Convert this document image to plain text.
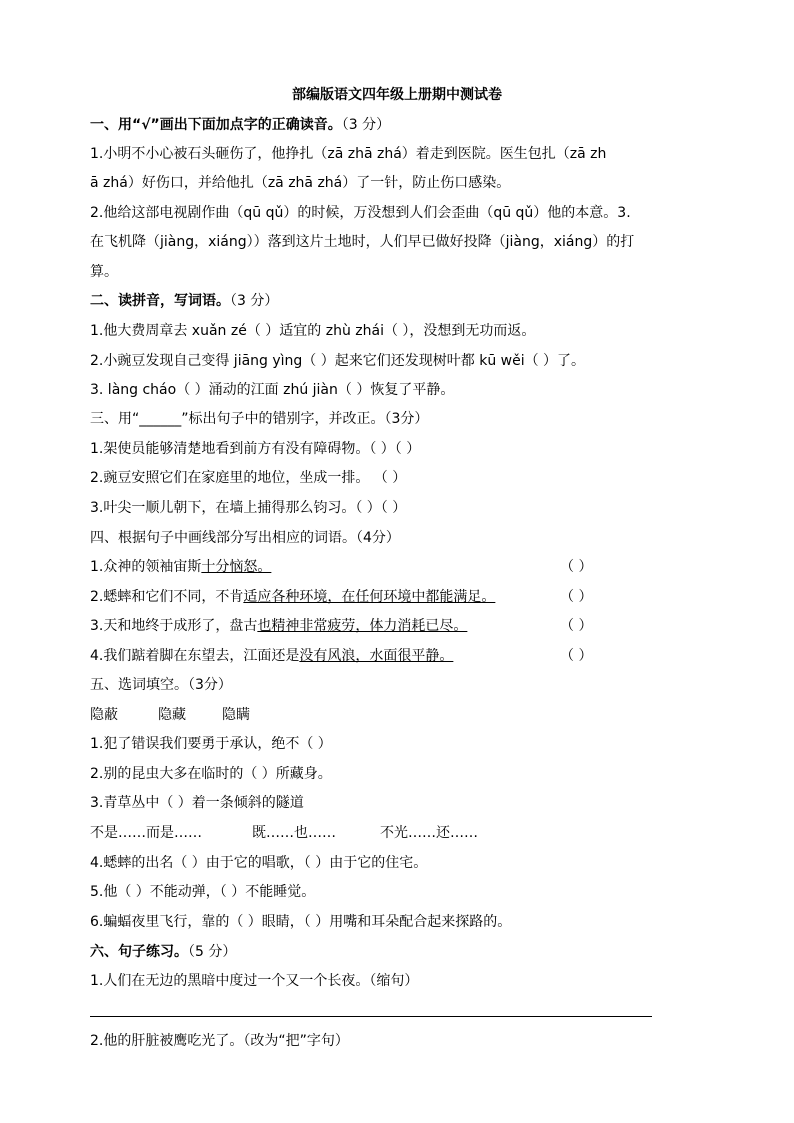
部编版语文四年级上册期中测试卷
一、用“√”画出下面加点字的正确读音。（3 分）
1.小明不小心被石头砸伤了，他挣扎（zā zhā zhá）着走到医院。医生包扎（zā zh
ā zhá）好伤口，并给他扎（zā zhā zhá）了一针，防止伤口感染。
2.他给这部电视剧作曲（qū qǔ）的时候，万没想到人们会歪曲（qū qǔ）他的本意。3.
在飞机降（jiàng，xiáng））落到这片土地时，人们早已做好投降（jiàng，xiáng）的打
算。
二、读拼音，写词语。（3 分）
1.他大费周章去 xuǎn zé（ ）适宜的 zhù zhái（ ），没想到无功而返。
2.小豌豆发现自己变得 jiāng yìng（ ）起来它们还发现树叶都 kū wěi（ ）了。
3. làng cháo（ ）涌动的江面 zhú jiàn（ ）恢复了平静。
三、用“______”标出句子中的错别字，并改正。（3分）
1.架使员能够清楚地看到前方有没有障碍物。（ ）（ ）
2.豌豆安照它们在家庭里的地位，坐成一排。 （ ）
3.叶尖一顺儿朝下，在墙上捕得那么钧习。（ ）（ ）
四、根据句子中画线部分写出相应的词语。（4分）
1.众神的领袖宙斯十分恼怒。	（ ）
2.蟋蟀和它们不同，不肯适应各种环境，在任何环境中都能满足。	（ ）
3.天和地终于成形了，盘古也精神非常疲劳，体力消耗已尽。	（ ）
4.我们踮着脚在东望去，江面还是没有风浪，水面很平静。	（ ）
五、选词填空。（3分）
隐蔽	隐藏	隐瞒
1.犯了错误我们要勇于承认，绝不（ ）
2.别的昆虫大多在临时的（ ）所藏身。
3.青草丛中（ ）着一条倾斜的隧道
不是……而是……	既……也……	不光……还……
4.蟋蟀的出名（ ）由于它的唱歌，（ ）由于它的住宅。
5.他（ ）不能动弹，（ ）不能睡觉。
6.蝙蝠夜里飞行，靠的（ ）眼睛，（ ）用嘴和耳朵配合起来探路的。
六、句子练习。（5 分）
1.人们在无边的黑暗中度过一个又一个长夜。（缩句）
2.他的肝脏被鹰吃光了。（改为“把”字句）
